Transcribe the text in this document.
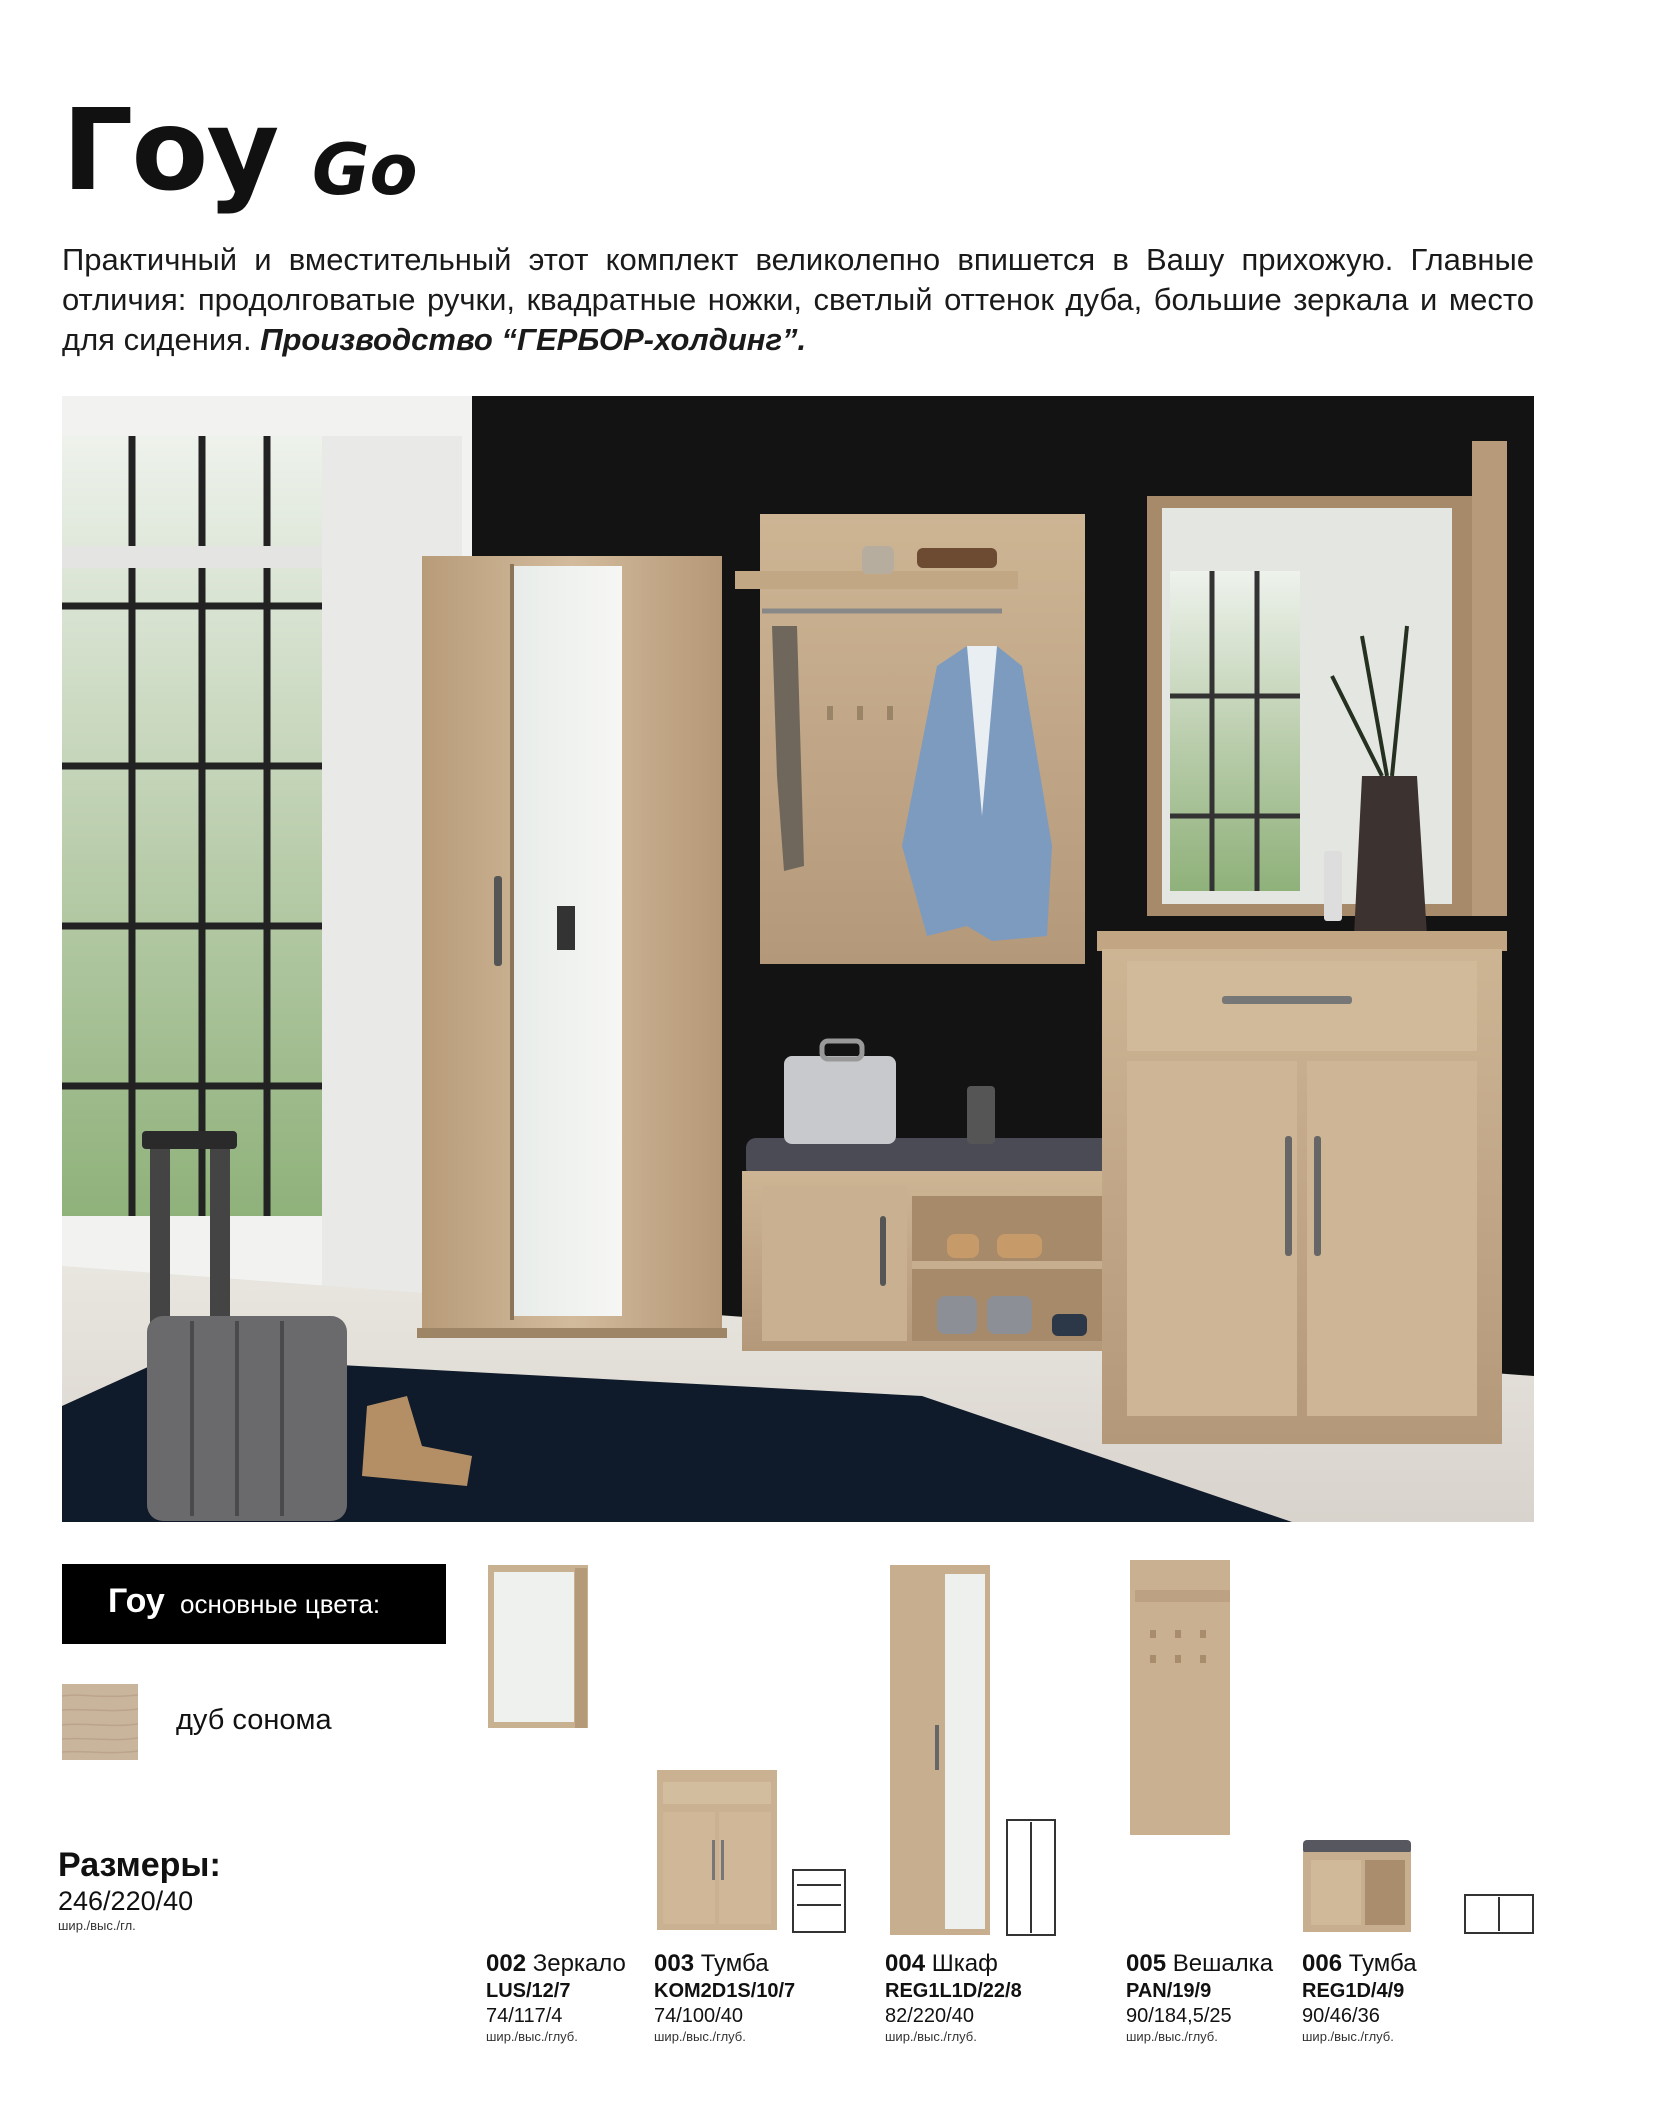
Гоу Go
Практичный и вместительный этот комплект великолепно впишется в Вашу прихожую. Главные отличия: продолговатые ручки, квадратные ножки, светлый оттенок дуба, большие зеркала и место для сидения. Производство “ГЕРБОР-холдинг”.
Гоу основные цвета:
дуб сонома
Размеры:
246/220/40
шир./выс./гл.
002 Зеркало
LUS/12/7
74/117/4
шир./выс./глуб.
003 Тумба
KOM2D1S/10/7
74/100/40
шир./выс./глуб.
004 Шкаф
REG1L1D/22/8
82/220/40
шир./выс./глуб.
005 Вешалка
PAN/19/9
90/184,5/25
шир./выс./глуб.
006 Тумба
REG1D/4/9
90/46/36
шир./выс./глуб.
